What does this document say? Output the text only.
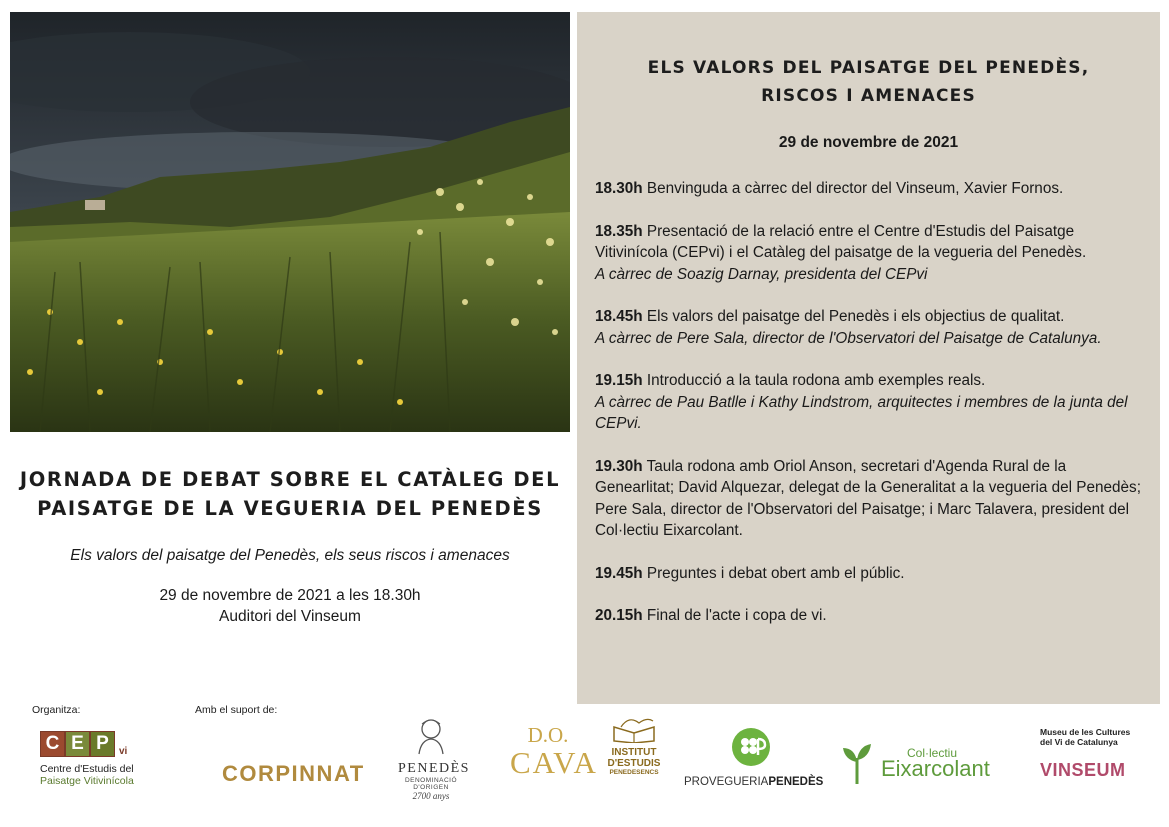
JORNADA DE DEBAT SOBRE EL CATÀLEG DEL
PAISATGE DE LA VEGUERIA DEL PENEDÈS
Els valors del paisatge del Penedès, els seus riscos i amenaces
29 de novembre de 2021 a les 18.30h
Auditori del Vinseum
ELS VALORS DEL PAISATGE DEL PENEDÈS,
RISCOS I AMENACES
29 de novembre de 2021
18.30h Benvinguda a càrrec del director del Vinseum, Xavier Fornos.
18.35h Presentació de la relació entre el Centre d'Estudis del Paisatge Vitivinícola (CEPvi) i el Catàleg del paisatge de la vegueria del Penedès.
A càrrec de Soazig Darnay, presidenta del CEPvi
18.45h Els valors del paisatge del Penedès i els objectius de qualitat.
A càrrec de Pere Sala, director de l'Observatori del Paisatge de Catalunya.
19.15h Introducció a la taula rodona amb exemples reals.
A càrrec de Pau Batlle i Kathy Lindstrom, arquitectes i membres de la junta del CEPvi.
19.30h Taula rodona amb Oriol Anson, secretari d'Agenda Rural de la Genearlitat; David Alquezar, delegat de la Generalitat a la vegueria del Penedès; Pere Sala, director de l'Observatori del Paisatge; i Marc Talavera, president del Col·lectiu Eixarcolant.
19.45h Preguntes i debat obert amb el públic.
20.15h Final de l'acte i copa de vi.
Organitza:	Amb el suport de:
C E P	vi
Centre d'Estudis del
Paisatge Vitivinícola	CORPINNAT PENEDÈS
DENOMINACIÓ D'ORIGEN
2700 anys
D.O.
CAVA	INSTITUT
D'ESTUDIS
PENEDESENCS
PROVEGUERIAPENEDÈS
Col·lectiu
Eixarcolant
Museu de les Cultures
del Vi de Catalunya
VINSEUM
